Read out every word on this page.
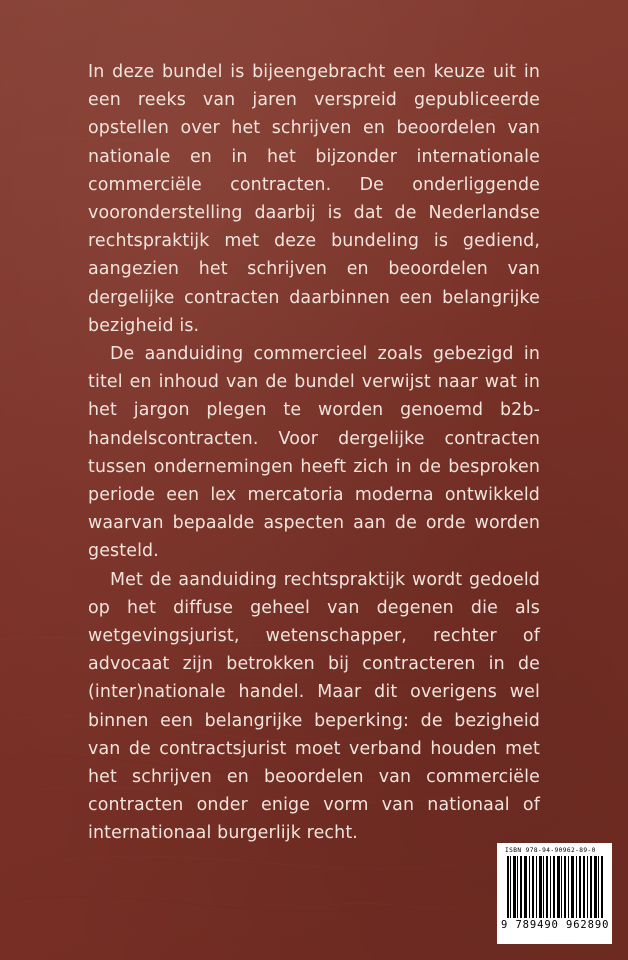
In deze bundel is bijeengebracht een keuze uit in een reeks van jaren verspreid gepubliceerde opstellen over het schrijven en beoordelen van nationale en in het bijzonder internationale commerciële contracten. De onderliggende vooronderstelling daarbij is dat de Nederlandse rechtspraktijk met deze bundeling is gediend, aangezien het schrijven en beoordelen van dergelijke contracten daarbinnen een belangrijke bezigheid is.

De aanduiding commercieel zoals gebezigd in titel en inhoud van de bundel verwijst naar wat in het jargon plegen te worden genoemd b2b-handelscontracten. Voor dergelijke contracten tussen ondernemingen heeft zich in de besproken periode een lex mercatoria moderna ontwikkeld waarvan bepaalde aspecten aan de orde worden gesteld.

Met de aanduiding rechtspraktijk wordt gedoeld op het diffuse geheel van degenen die als wetgevingsjurist, wetenschapper, rechter of advocaat zijn betrokken bij contracteren in de (inter)nationale handel. Maar dit overigens wel binnen een belangrijke beperking: de bezigheid van de contractsjurist moet verband houden met het schrijven en beoordelen van commerciële contracten onder enige vorm van nationaal of internationaal burgerlijk recht.

ISBN 978-94-90962-89-0
9 789490 962890
